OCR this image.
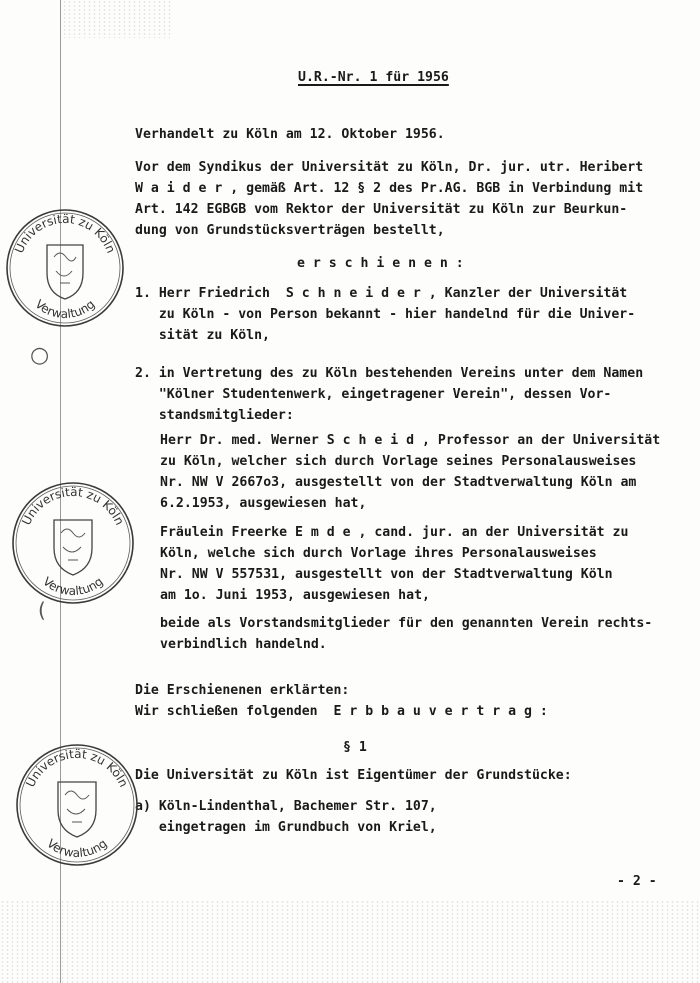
U.R.-Nr. 1 für 1956
Verhandelt zu Köln am 12. Oktober 1956.
Vor dem Syndikus der Universität zu Köln, Dr. jur. utr. Heribert
W a i d e r , gemäß Art. 12 § 2 des Pr.AG. BGB in Verbindung mit
Art. 142 EGBGB vom Rektor der Universität zu Köln zur Beurkun-
dung von Grundstücksverträgen bestellt,
e r s c h i e n e n :
1. Herr Friedrich  S c h n e i d e r , Kanzler der Universität
zu Köln - von Person bekannt - hier handelnd für die Univer-
sität zu Köln,
2. in Vertretung des zu Köln bestehenden Vereins unter dem Namen
"Kölner Studentenwerk, eingetragener Verein", dessen Vor-
standsmitglieder:
Herr Dr. med. Werner S c h e i d , Professor an der Universität
zu Köln, welcher sich durch Vorlage seines Personalausweises
Nr. NW V 2667o3, ausgestellt von der Stadtverwaltung Köln am
6.2.1953, ausgewiesen hat,
Fräulein Freerke E m d e , cand. jur. an der Universität zu
Köln, welche sich durch Vorlage ihres Personalausweises
Nr. NW V 557531, ausgestellt von der Stadtverwaltung Köln
am 1o. Juni 1953, ausgewiesen hat,
beide als Vorstandsmitglieder für den genannten Verein rechts-
verbindlich handelnd.
Die Erschienenen erklärten:
Wir schließen folgenden  E r b b a u v e r t r a g :
§ 1
Die Universität zu Köln ist Eigentümer der Grundstücke:
a) Köln-Lindenthal, Bachemer Str. 107,
eingetragen im Grundbuch von Kriel,
- 2 -
○
(
Universität zu Köln
Verwaltung
Universität zu Köln
Verwaltung
Universität zu Köln
Verwaltung
